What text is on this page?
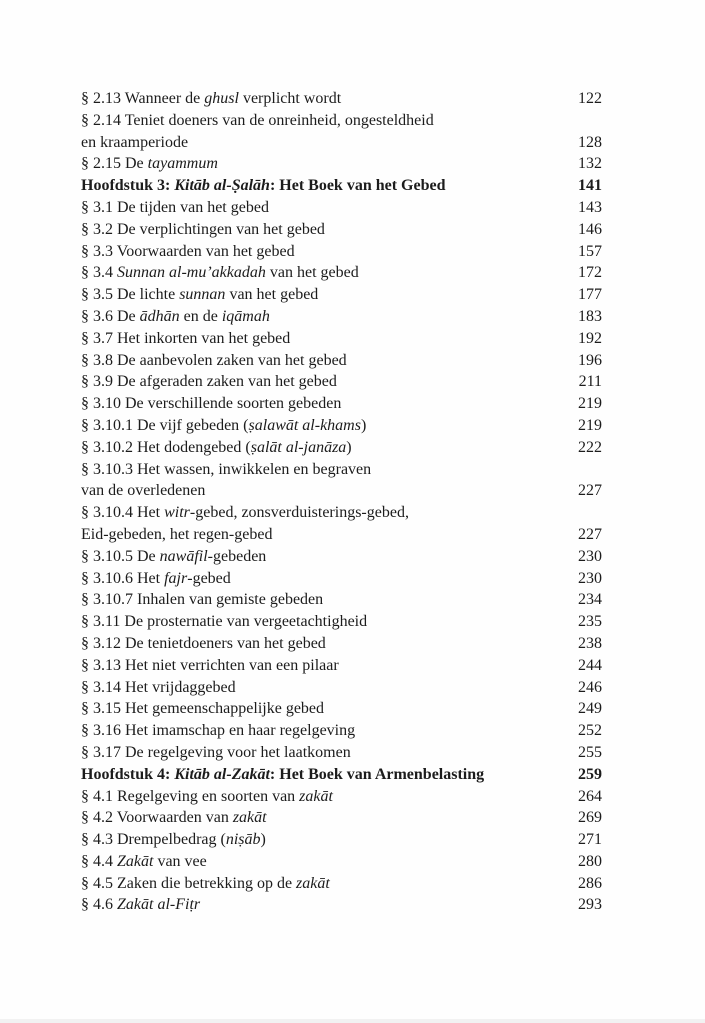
§ 2.13 Wanneer de ghusl verplicht wordt	122
§ 2.14 Teniet doeners van de onreinheid, ongesteldheid
en kraamperiode	128
§ 2.15 De tayammum	132
Hoofdstuk 3: Kitāb al-Ṣalāh: Het Boek van het Gebed	141
§ 3.1 De tijden van het gebed	143
§ 3.2 De verplichtingen van het gebed	146
§ 3.3 Voorwaarden van het gebed	157
§ 3.4 Sunnan al-mu’akkadah van het gebed	172
§ 3.5 De lichte sunnan van het gebed	177
§ 3.6 De ādhān en de iqāmah	183
§ 3.7 Het inkorten van het gebed	192
§ 3.8 De aanbevolen zaken van het gebed	196
§ 3.9 De afgeraden zaken van het gebed	211
§ 3.10 De verschillende soorten gebeden	219
§ 3.10.1 De vijf gebeden (ṣalawāt al-khams)	219
§ 3.10.2 Het dodengebed (ṣalāt al-janāza)	222
§ 3.10.3 Het wassen, inwikkelen en begraven
van de overledenen	227
§ 3.10.4 Het witr-gebed, zonsverduisterings-gebed,
Eid-gebeden, het regen-gebed	227
§ 3.10.5 De nawāfil-gebeden	230
§ 3.10.6 Het fajr-gebed	230
§ 3.10.7 Inhalen van gemiste gebeden	234
§ 3.11 De prosternatie van vergeetachtigheid	235
§ 3.12 De tenietdoeners van het gebed	238
§ 3.13 Het niet verrichten van een pilaar	244
§ 3.14 Het vrijdaggebed	246
§ 3.15 Het gemeenschappelijke gebed	249
§ 3.16 Het imamschap en haar regelgeving	252
§ 3.17 De regelgeving voor het laatkomen	255
Hoofdstuk 4: Kitāb al-Zakāt: Het Boek van Armenbelasting	259
§ 4.1 Regelgeving en soorten van zakāt	264
§ 4.2 Voorwaarden van zakāt	269
§ 4.3 Drempelbedrag (niṣāb)	271
§ 4.4 Zakāt van vee	280
§ 4.5 Zaken die betrekking op de zakāt	286
§ 4.6 Zakāt al-Fiṭr	293
